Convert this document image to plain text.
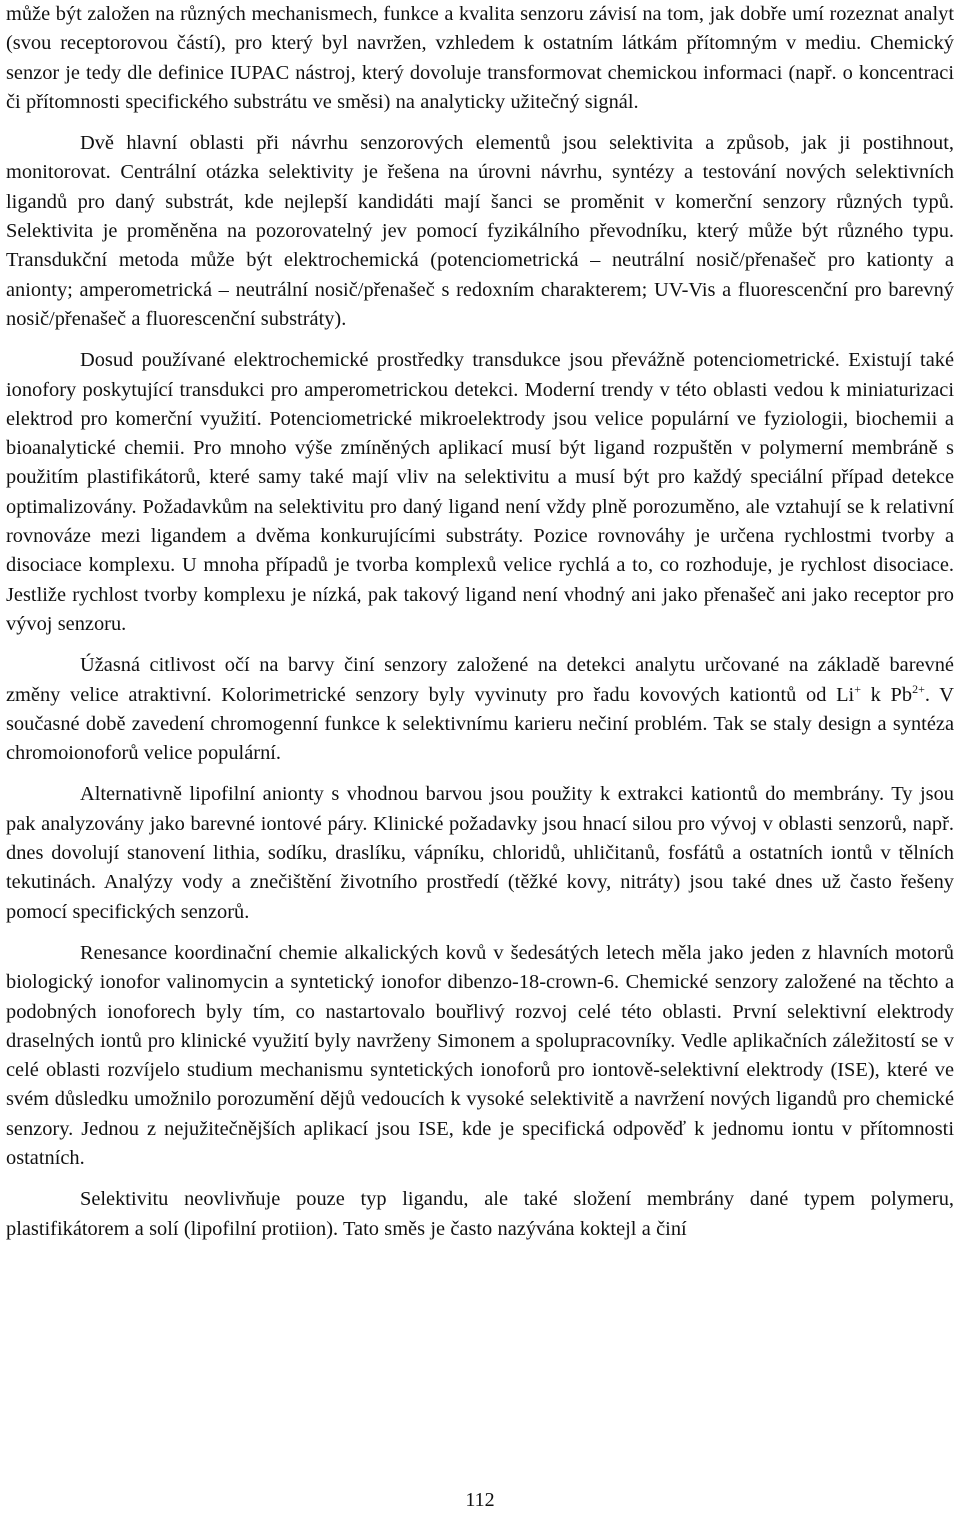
může být založen na různých mechanismech, funkce a kvalita senzoru závisí na tom, jak dobře umí rozeznat analyt (svou receptorovou částí), pro který byl navržen, vzhledem k ostatním látkám přítomným v mediu. Chemický senzor je tedy dle definice IUPAC nástroj, který dovoluje transformovat chemickou informaci (např. o koncentraci či přítomnosti specifického substrátu ve směsi) na analyticky užitečný signál.

Dvě hlavní oblasti při návrhu senzorových elementů jsou selektivita a způsob, jak ji postihnout, monitorovat. Centrální otázka selektivity je řešena na úrovni návrhu, syntézy a testování nových selektivních ligandů pro daný substrát, kde nejlepší kandidáti mají šanci se proměnit v komerční senzory různých typů. Selektivita je proměněna na pozorovatelný jev pomocí fyzikálního převodníku, který může být různého typu. Transdukční metoda může být elektrochemická (potenciometrická – neutrální nosič/přenašeč pro kationty a anionty; amperometrická – neutrální nosič/přenašeč s redoxním charakterem; UV-Vis a fluorescenční pro barevný nosič/přenašeč a fluorescenční substráty).

Dosud používané elektrochemické prostředky transdukce jsou převážně potenciometrické. Existují také ionofory poskytující transdukci pro amperometrickou detekci. Moderní trendy v této oblasti vedou k miniaturizaci elektrod pro komerční využití. Potenciometrické mikroelektrody jsou velice populární ve fyziologii, biochemii a bioanalytické chemii. Pro mnoho výše zmíněných aplikací musí být ligand rozpuštěn v polymerní membráně s použitím plastifikátorů, které samy také mají vliv na selektivitu a musí být pro každý speciální případ detekce optimalizovány. Požadavkům na selektivitu pro daný ligand není vždy plně porozuměno, ale vztahují se k relativní rovnováze mezi ligandem a dvěma konkurujícími substráty. Pozice rovnováhy je určena rychlostmi tvorby a disociace komplexu. U mnoha případů je tvorba komplexů velice rychlá a to, co rozhoduje, je rychlost disociace. Jestliže rychlost tvorby komplexu je nízká, pak takový ligand není vhodný ani jako přenašeč ani jako receptor pro vývoj senzoru.

Úžasná citlivost očí na barvy činí senzory založené na detekci analytu určované na základě barevné změny velice atraktivní. Kolorimetrické senzory byly vyvinuty pro řadu kovových kationtů od Li+ k $Pb^{2+}$. V současné době zavedení chromogenní funkce k selektivnímu karieru nečiní problém. Tak se staly design a syntéza chromoionoforů velice populární.

Alternativně lipofilní anionty s vhodnou barvou jsou použity k extrakci kationtů do membrány. Ty jsou pak analyzovány jako barevné iontové páry. Klinické požadavky jsou hnací silou pro vývoj v oblasti senzorů, např. dnes dovolují stanovení lithia, sodíku, draslíku, vápníku, chloridů, uhličitanů, fosfátů a ostatních iontů v tělních tekutinách. Analýzy vody a znečištění životního prostředí (těžké kovy, nitráty) jsou také dnes už často řešeny pomocí specifických senzorů.

Renesance koordinační chemie alkalických kovů v šedesátých letech měla jako jeden z hlavních motorů biologický ionofor valinomycin a syntetický ionofor dibenzo-18-crown-6. Chemické senzory založené na těchto a podobných ionoforech byly tím, co nastartovalo bouřlivý rozvoj celé této oblasti. První selektivní elektrody draselných iontů pro klinické využití byly navrženy Simonem a spolupracovníky. Vedle aplikačních záležitostí se v celé oblasti rozvíjelo studium mechanismu syntetických ionoforů pro iontově-selektivní elektrody (ISE), které ve svém důsledku umožnilo porozumění dějů vedoucích k vysoké selektivitě a navržení nových ligandů pro chemické senzory. Jednou z nejužitečnějších aplikací jsou ISE, kde je specifická odpověď k jednomu iontu v přítomnosti ostatních.

Selektivitu neovlivňuje pouze typ ligandu, ale také složení membrány dané typem polymeru, plastifikátorem a solí (lipofilní protiion). Tato směs je často nazývána koktejl a činí

112
